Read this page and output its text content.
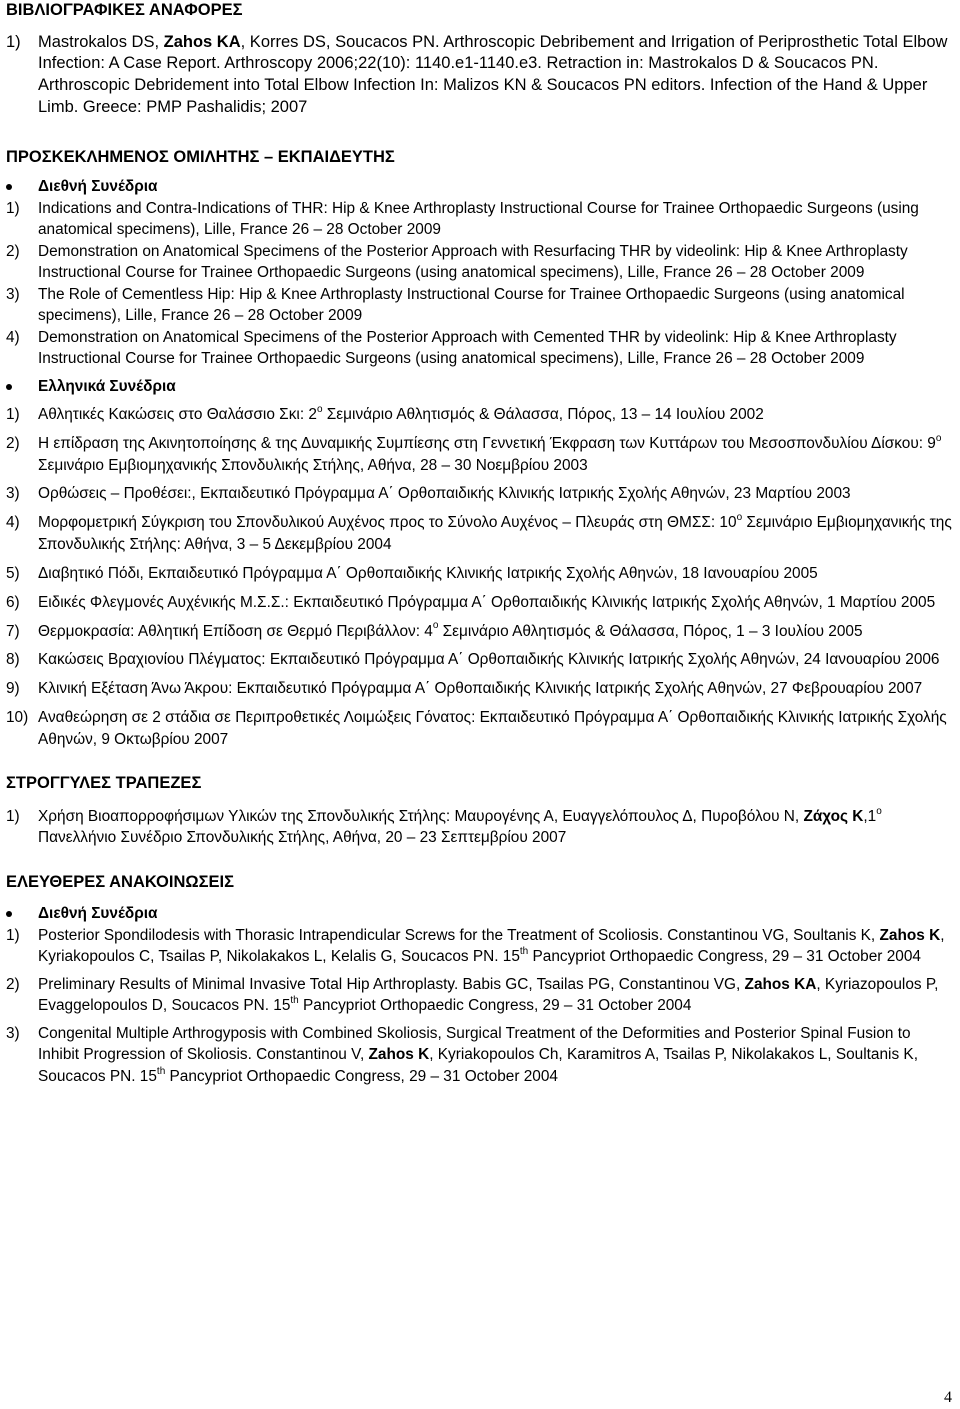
ΒΙΒΛΙΟΓΡΑΦΙΚΕΣ ΑΝΑΦΟΡΕΣ
1) Mastrokalos DS, Zahos KA, Korres DS, Soucacos PN. Arthroscopic Debribement and Irrigation of Periprosthetic Total Elbow Infection: A Case Report. Arthroscopy 2006;22(10): 1140.e1-1140.e3. Retraction in: Mastrokalos D & Soucacos PN. Arthroscopic Debridement into Total Elbow Infection In: Malizos KN & Soucacos PN editors. Infection of the Hand & Upper Limb. Greece: PMP Pashalidis; 2007
ΠΡΟΣΚΕΚΛΗΜΕΝΟΣ ΟΜΙΛΗΤΗΣ – ΕΚΠΑΙΔΕΥΤΗΣ
Διεθνή Συνέδρια
1) Indications and Contra-Indications of THR: Hip & Knee Arthroplasty Instructional Course for Trainee Orthopaedic Surgeons (using anatomical specimens), Lille, France 26 – 28 October 2009
2) Demonstration on Anatomical Specimens of the Posterior Approach with Resurfacing THR by videolink: Hip & Knee Arthroplasty Instructional Course for Trainee Orthopaedic Surgeons (using anatomical specimens), Lille, France 26 – 28 October 2009
3) The Role of Cementless Hip: Hip & Knee Arthroplasty Instructional Course for Trainee Orthopaedic Surgeons (using anatomical specimens), Lille, France 26 – 28 October 2009
4) Demonstration on Anatomical Specimens of the Posterior Approach with Cemented THR by videolink: Hip & Knee Arthroplasty Instructional Course for Trainee Orthopaedic Surgeons (using anatomical specimens), Lille, France 26 – 28 October 2009
Ελληνικά Συνέδρια
1) Αθλητικές Κακώσεις στο Θαλάσσιο Σκι: $2^o$ Σεμινάριο Αθλητισμός & Θάλασσα, Πόρος, 13 – 14 Ιουλίου 2002
2) Η επίδραση της Ακινητοποίησης & της Δυναμικής Συμπίεσης στη Γεννετική Έκφραση των Κυττάρων του Μεσοσπονδυλίου Δίσκου: $9^o$ Σεμινάριο Εμβιομηχανικής Σπονδυλικής Στήλης, Αθήνα, 28 – 30 Νοεμβρίου 2003
3) Ορθώσεις – Προθέσει:, Εκπαιδευτικό Πρόγραμμα Α΄ Ορθοπαιδικής Κλινικής Ιατρικής Σχολής Αθηνών, 23 Μαρτίου 2003
4) Μορφομετρική Σύγκριση του Σπονδυλικού Αυχένος προς το Σύνολο Αυχένος – Πλευράς στη ΘΜΣΣ: $10^o$ Σεμινάριο Εμβιομηχανικής της Σπονδυλικής Στήλης: Αθήνα, 3 – 5 Δεκεμβρίου 2004
5) Διαβητικό Πόδι, Εκπαιδευτικό Πρόγραμμα Α΄ Ορθοπαιδικής Κλινικής Ιατρικής Σχολής Αθηνών, 18 Ιανουαρίου 2005
6) Ειδικές Φλεγμονές Αυχένικής Μ.Σ.Σ.: Εκπαιδευτικό Πρόγραμμα Α΄ Ορθοπαιδικής Κλινικής Ιατρικής Σχολής Αθηνών, 1 Μαρτίου 2005
7) Θερμοκρασία: Αθλητική Επίδοση σε Θερμό Περιβάλλον: $4^o$ Σεμινάριο Αθλητισμός & Θάλασσα, Πόρος, 1 – 3 Ιουλίου 2005
8) Κακώσεις Βραχιονίου Πλέγματος: Εκπαιδευτικό Πρόγραμμα Α΄ Ορθοπαιδικής Κλινικής Ιατρικής Σχολής Αθηνών, 24 Ιανουαρίου 2006
9) Κλινική Εξέταση Άνω Άκρου: Εκπαιδευτικό Πρόγραμμα Α΄ Ορθοπαιδικής Κλινικής Ιατρικής Σχολής Αθηνών, 27 Φεβρουαρίου 2007
10) Αναθεώρηση σε 2 στάδια σε Περιπροθετικές Λοιμώξεις Γόνατος: Εκπαιδευτικό Πρόγραμμα Α΄ Ορθοπαιδικής Κλινικής Ιατρικής Σχολής Αθηνών, 9 Οκτωβρίου 2007
ΣΤΡΟΓΓΥΛΕΣ ΤΡΑΠΕΖΕΣ
1) Χρήση Βιοαπορροφήσιμων Υλικών της Σπονδυλικής Στήλης: Μαυρογένης Α, Ευαγγελόπουλος Δ, Πυροβόλου Ν, Ζάχος $K,1^o$ Πανελλήνιο Συνέδριο Σπονδυλικής Στήλης, Αθήνα, 20 – 23 Σεπτεμβρίου 2007
ΕΛΕΥΘΕΡΕΣ ΑΝΑΚΟΙΝΩΣΕΙΣ
Διεθνή Συνέδρια
1) Posterior Spondilodesis with Thorasic Intrapendicular Screws for the Treatment of Scoliosis. Constantinou VG, Soultanis K, Zahos K, Kyriakopoulos C, Tsailas P, Nikolakakos L, Kelalis G, Soucacos PN. 15th Pancypriot Orthopaedic Congress, 29 – 31 October 2004
2) Preliminary Results of Minimal Invasive Total Hip Arthroplasty. Babis GC, Tsailas PG, Constantinou VG, Zahos KA, Kyriazopoulos P, Evaggelopoulos D, Soucacos PN. 15th Pancypriot Orthopaedic Congress, 29 – 31 October 2004
3) Congenital Multiple Arthrogyposis with Combined Skoliosis, Surgical Treatment of the Deformities and Posterior Spinal Fusion to Inhibit Progression of Skoliosis. Constantinou V, Zahos K, Kyriakopoulos Ch, Karamitros A, Tsailas P, Nikolakakos L, Soultanis K, Soucacos PN. 15th Pancypriot Orthopaedic Congress, 29 – 31 October 2004
4
